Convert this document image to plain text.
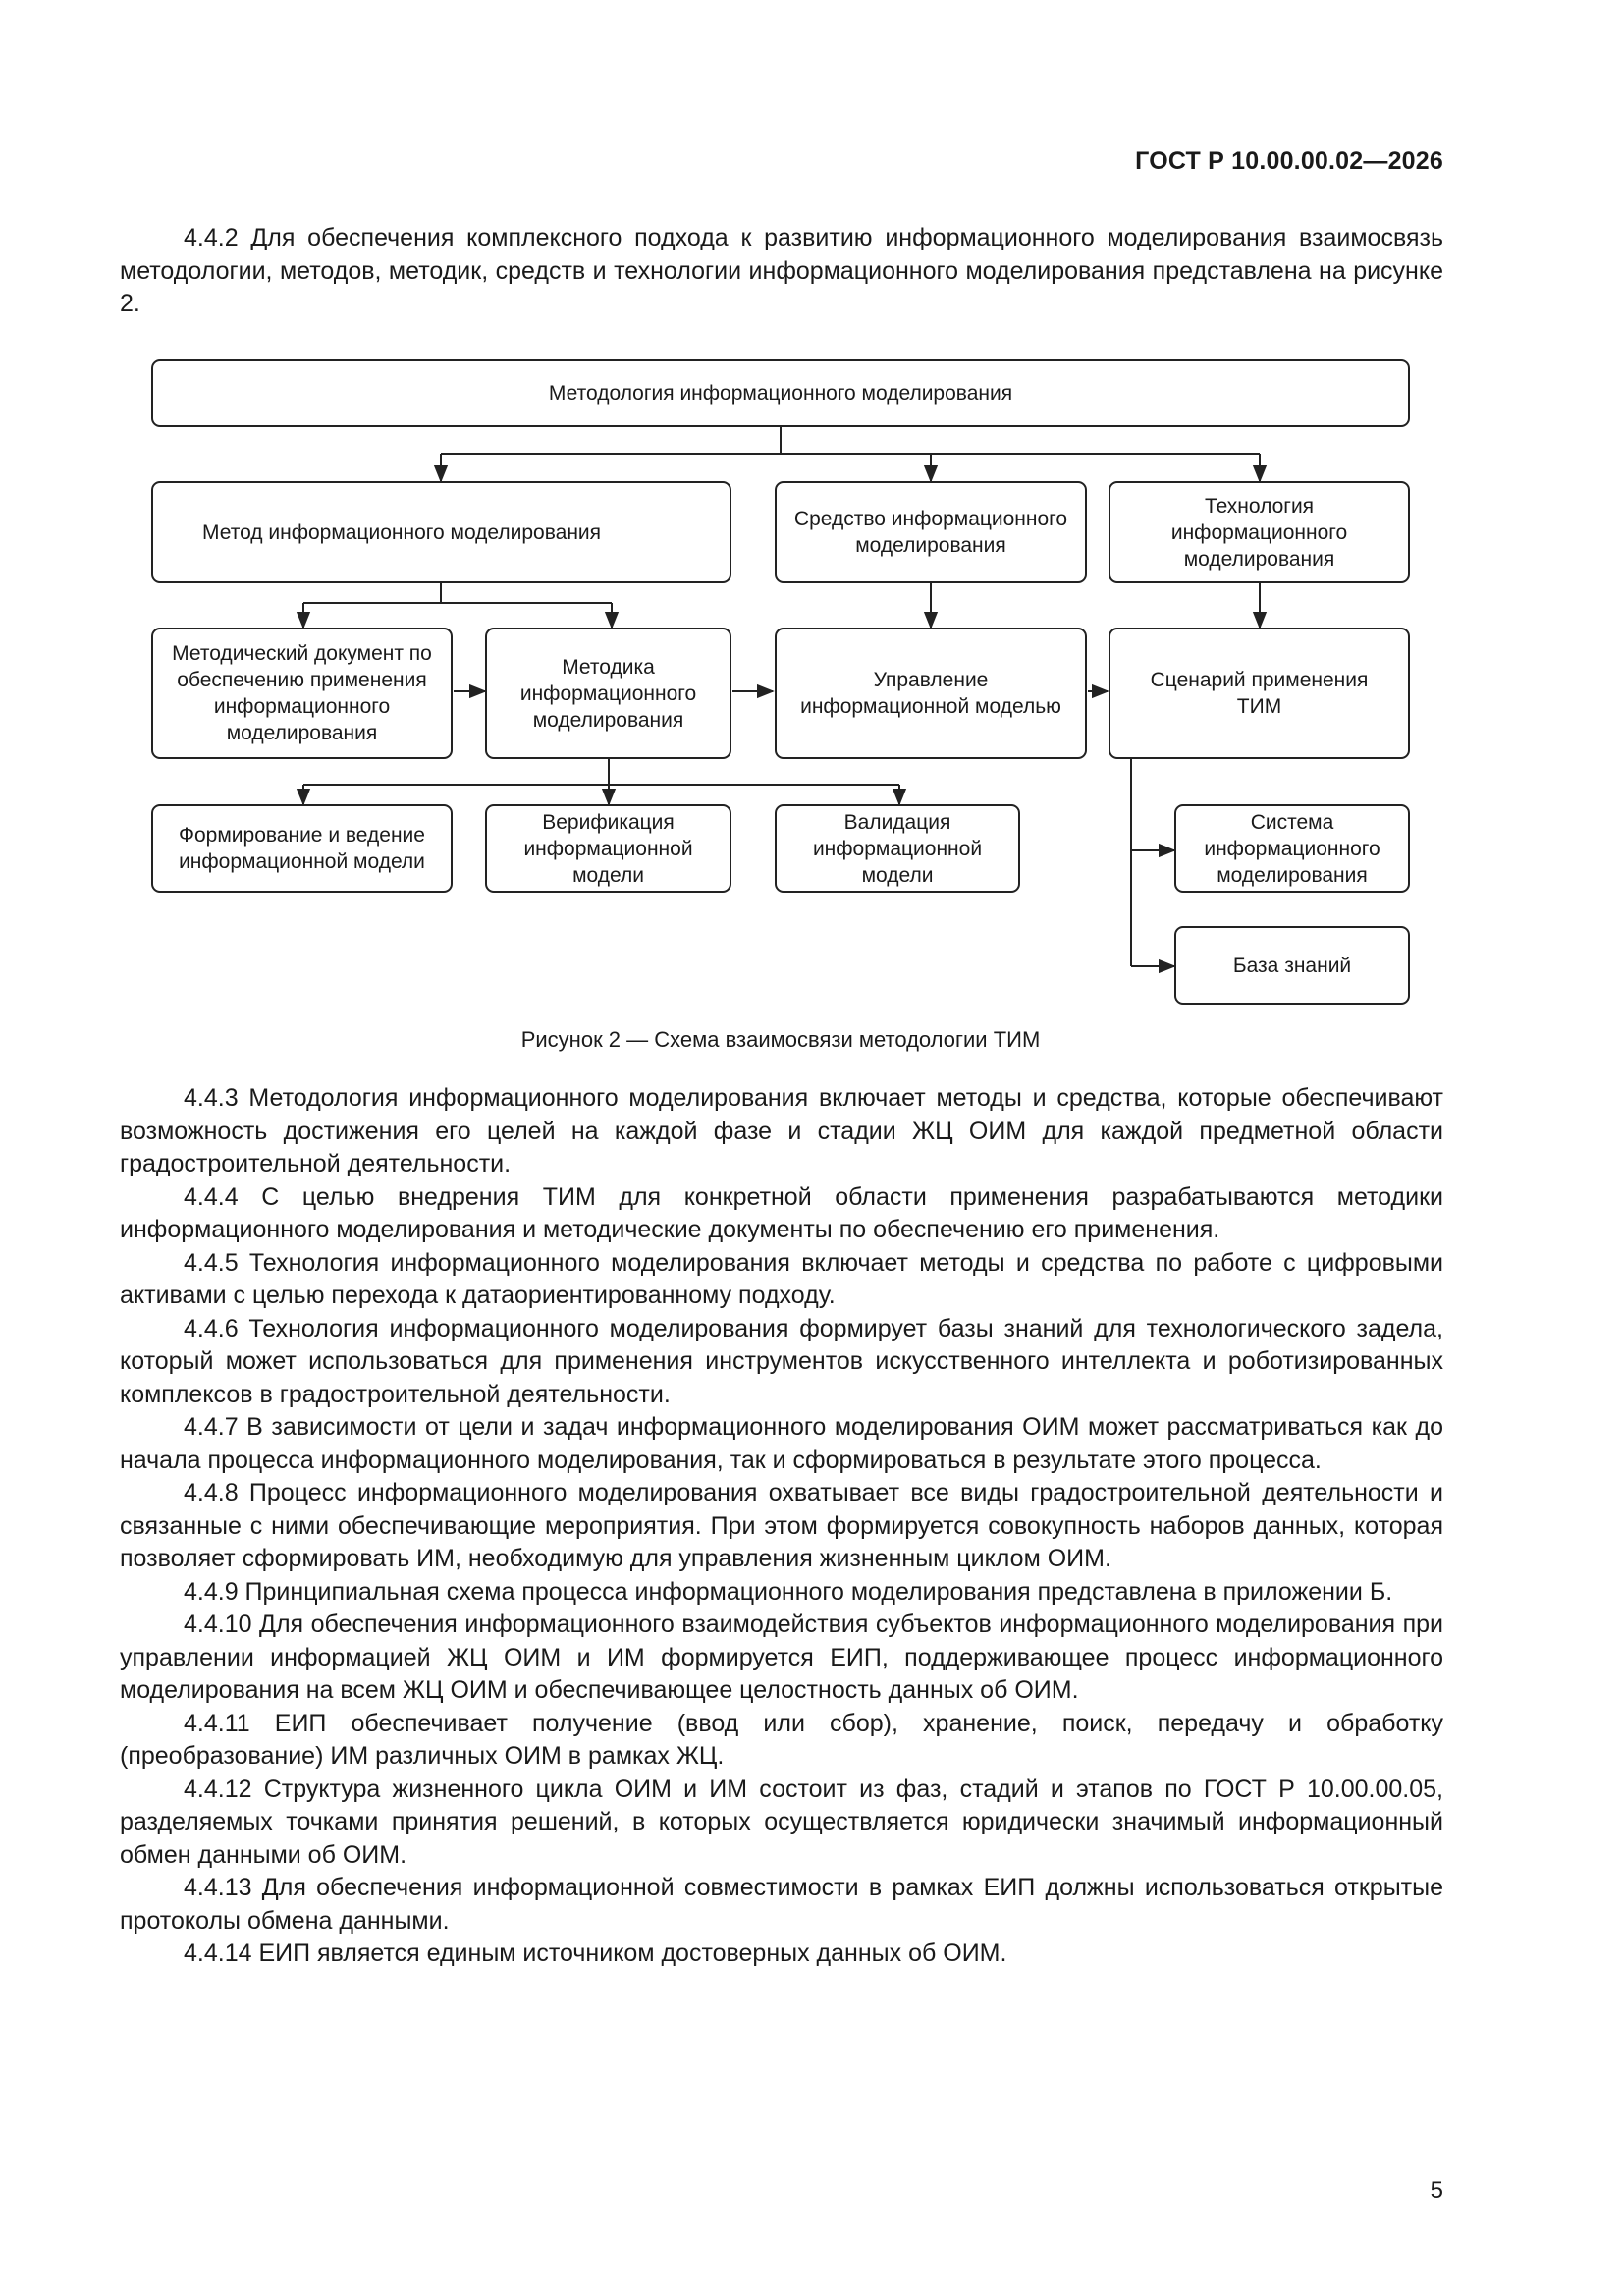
ГОСТ Р 10.00.00.02—2026

4.4.2 Для обеспечения комплексного подхода к развитию информационного моделирования взаимосвязь методологии, методов, методик, средств и технологии информационного моделирования представлена на рисунке 2.

Методология информационного моделирования
Метод информационного моделирования
Средство информационного
моделирования
Технология
информационного
моделирования
Методический документ по
обеспечению применения
информационного
моделирования
Методика
информационного
моделирования
Управление
информационной моделью
Сценарий применения
ТИМ
Формирование и ведение
информационной модели
Верификация
информационной
модели
Валидация
информационной
модели
Система
информационного
моделирования
База знаний
Рисунок 2 — Схема взаимосвязи методологии ТИМ

4.4.3 Методология информационного моделирования включает методы и средства, которые обеспечивают возможность достижения его целей на каждой фазе и стадии ЖЦ ОИМ для каждой предметной области градостроительной деятельности.

4.4.4 С целью внедрения ТИМ для конкретной области применения разрабатываются методики информационного моделирования и методические документы по обеспечению его применения.

4.4.5 Технология информационного моделирования включает методы и средства по работе с цифровыми активами с целью перехода к датаориентированному подходу.

4.4.6 Технология информационного моделирования формирует базы знаний для технологического задела, который может использоваться для применения инструментов искусственного интеллекта и роботизированных комплексов в градостроительной деятельности.

4.4.7 В зависимости от цели и задач информационного моделирования ОИМ может рассматриваться как до начала процесса информационного моделирования, так и сформироваться в результате этого процесса.

4.4.8 Процесс информационного моделирования охватывает все виды градостроительной деятельности и связанные с ними обеспечивающие мероприятия. При этом формируется совокупность наборов данных, которая позволяет сформировать ИМ, необходимую для управления жизненным циклом ОИМ.

4.4.9 Принципиальная схема процесса информационного моделирования представлена в приложении Б.

4.4.10 Для обеспечения информационного взаимодействия субъектов информационного моделирования при управлении информацией ЖЦ ОИМ и ИМ формируется ЕИП, поддерживающее процесс информационного моделирования на всем ЖЦ ОИМ и обеспечивающее целостность данных об ОИМ.

4.4.11 ЕИП обеспечивает получение (ввод или сбор), хранение, поиск, передачу и обработку (преобразование) ИМ различных ОИМ в рамках ЖЦ.

4.4.12 Структура жизненного цикла ОИМ и ИМ состоит из фаз, стадий и этапов по ГОСТ Р 10.00.00.05, разделяемых точками принятия решений, в которых осуществляется юридически значимый информационный обмен данными об ОИМ.

4.4.13 Для обеспечения информационной совместимости в рамках ЕИП должны использоваться открытые протоколы обмена данными.

4.4.14 ЕИП является единым источником достоверных данных об ОИМ.

5
